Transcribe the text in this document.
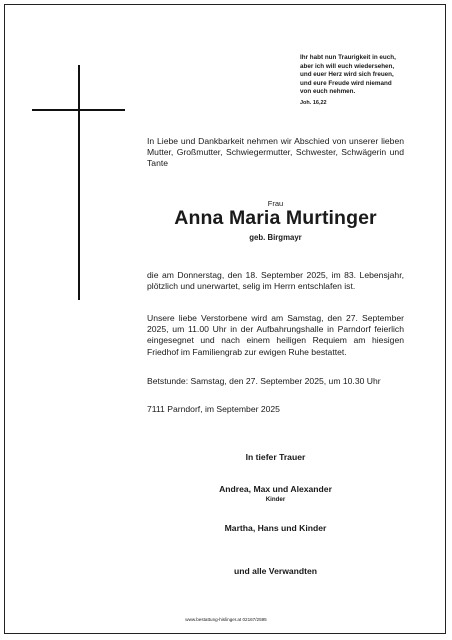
Ihr habt nun Traurigkeit in euch,
aber ich will euch wiedersehen,
und euer Herz wird sich freuen,
und eure Freude wird niemand
von euch nehmen.
Joh. 16,22
In Liebe und Dankbarkeit nehmen wir Abschied von unserer lieben Mutter, Großmutter, Schwiegermutter, Schwester, Schwägerin und Tante
Frau
Anna Maria Murtinger
geb. Birgmayr
die am Donnerstag, den 18. September 2025, im 83. Lebensjahr, plötzlich und unerwartet, selig im Herrn entschlafen ist.
Unsere liebe Verstorbene wird am Samstag, den 27. September 2025, um 11.00 Uhr in der Aufbahrungshalle in Parndorf feierlich eingesegnet und nach einem heiligen Requiem am hiesigen Friedhof im Familiengrab zur ewigen Ruhe bestattet.
Betstunde: Samstag, den 27. September 2025, um 10.30 Uhr
7111 Parndorf, im September 2025
In tiefer Trauer
Andrea, Max und Alexander
Kinder
Martha, Hans und Kinder
und alle Verwandten
www.bestattung-hislinger.at 02167/2595
